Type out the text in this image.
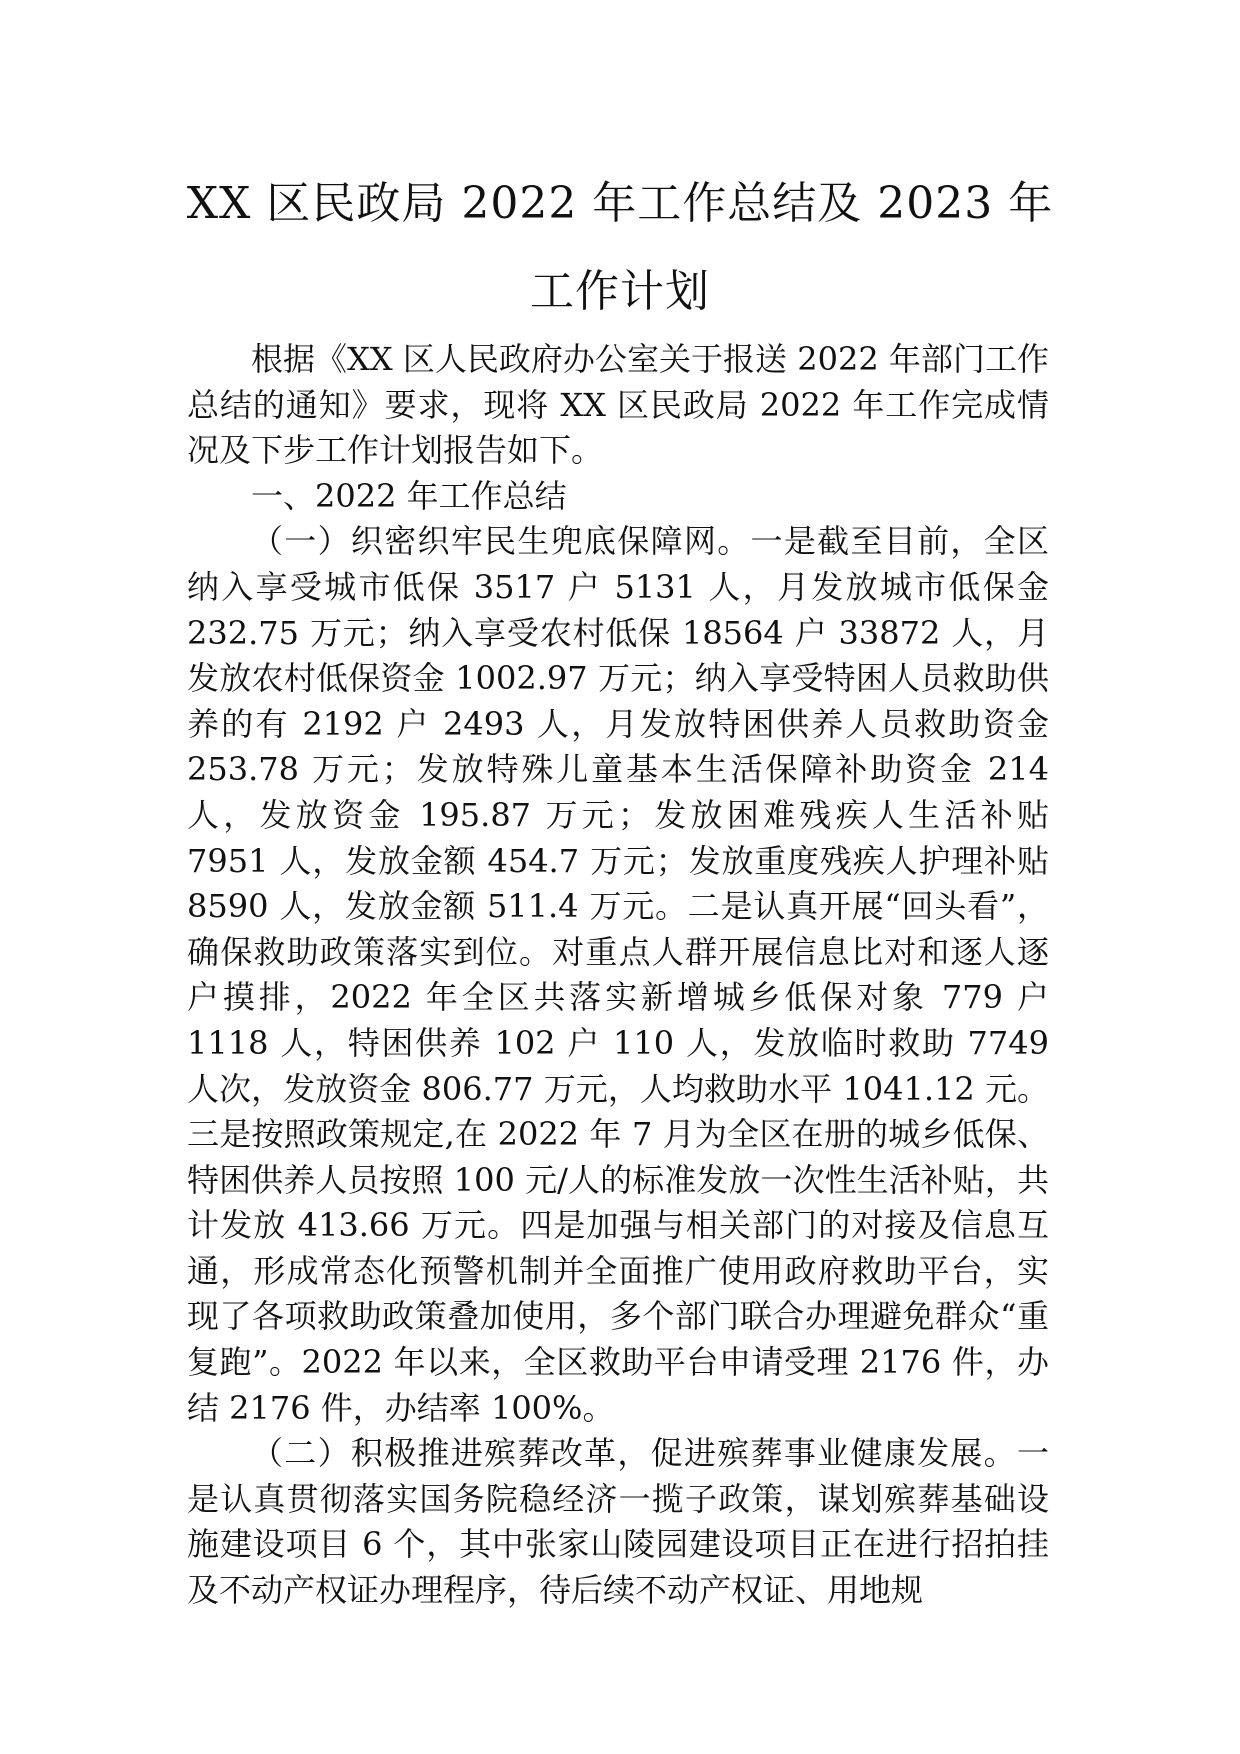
XX 区民政局 2022 年工作总结及 2023 年工作计划

根据《XX 区人民政府办公室关于报送 2022 年部门工作总结的通知》要求，现将 XX 区民政局 2022 年工作完成情况及下步工作计划报告如下。

一、2022 年工作总结

（一）织密织牢民生兜底保障网。一是截至目前，全区纳入享受城市低保 3517 户 5131 人，月发放城市低保金 232.75 万元；纳入享受农村低保 18564 户 33872 人，月发放农村低保资金 1002.97 万元；纳入享受特困人员救助供养的有 2192 户 2493 人，月发放特困供养人员救助资金 253.78 万元；发放特殊儿童基本生活保障补助资金 214 人，发放资金 195.87 万元；发放困难残疾人生活补贴 7951 人，发放金额 454.7 万元；发放重度残疾人护理补贴 8590 人，发放金额 511.4 万元。二是认真开展“回头看”，确保救助政策落实到位。对重点人群开展信息比对和逐人逐户摸排，2022 年全区共落实新增城乡低保对象 779 户 1118 人，特困供养 102 户 110 人，发放临时救助 7749 人次，发放资金 806.77 万元，人均救助水平 1041.12 元。三是按照政策规定,在 2022 年 7 月为全区在册的城乡低保、特困供养人员按照 100 元/人的标准发放一次性生活补贴，共计发放 413.66 万元。四是加强与相关部门的对接及信息互通，形成常态化预警机制并全面推广使用政府救助平台，实现了各项救助政策叠加使用，多个部门联合办理避免群众“重复跑”。2022 年以来，全区救助平台申请受理 2176 件，办结 2176 件，办结率 100%。

（二）积极推进殡葬改革，促进殡葬事业健康发展。一是认真贯彻落实国务院稳经济一揽子政策，谋划殡葬基础设施建设项目 6 个，其中张家山陵园建设项目正在进行招拍挂及不动产权证办理程序，待后续不动产权证、用地规
